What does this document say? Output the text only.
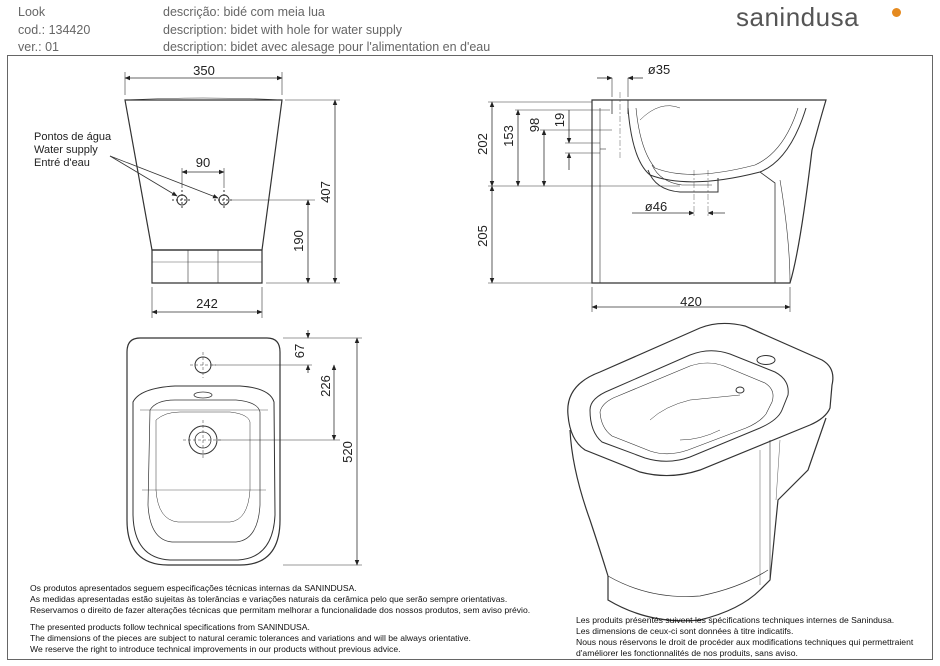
Look
cod.: 134420
ver.: 01
descrição: bidé com meia lua
description: bidet with hole for water supply
description: bidet avec alesage pour l'alimentation en d'eau
sanindusa
350
90
242
407
190
Pontos de água
Water supply
Entré d'eau
ø35
ø46
420
202
205
153
98 19
67
226
520
Os produtos apresentados seguem especificações técnicas internas da SANINDUSA.
As medidas apresentadas estão sujeitas às tolerâncias e variações naturais da cerâmica pelo que serão sempre orientativas.
Reservamos o direito de fazer alterações técnicas que permitam melhorar a funcionalidade dos nossos produtos, sem aviso prévio.
The presented products follow technical specifications from SANINDUSA.
The dimensions of the pieces are subject to natural ceramic tolerances and variations and will be always orientative.
We reserve the right to introduce technical improvements in our products without previous advice.
Les produits présentés suivent les spécifications techniques internes de Sanindusa.
Les dimensions de ceux-ci sont données à titre indicatifs.
Nous nous réservons le droit de procéder aux modifications techniques qui permettraient
d'améliorer les fonctionnalités de nos produits, sans aviso.
